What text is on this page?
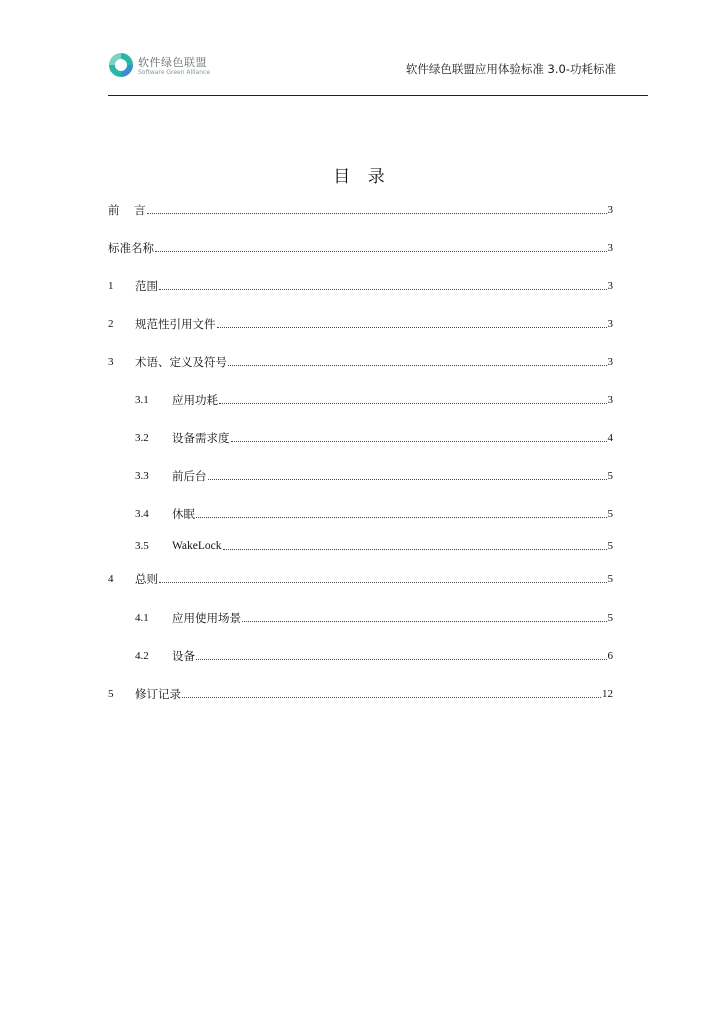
软件绿色联盟
Software Green Alliance	软件绿色联盟应用体验标准 3.0-功耗标准
目 录
前    言	3
标准名称	3
1	范围	3
2	规范性引用文件	3
3	术语、定义及符号	3
3.1	应用功耗	3
3.2	设备需求度	4
3.3	前后台	5
3.4	休眠	5
3.5	WakeLock	5
4	总则	5
4.1	应用使用场景	5
4.2	设备	6
5	修订记录	12
